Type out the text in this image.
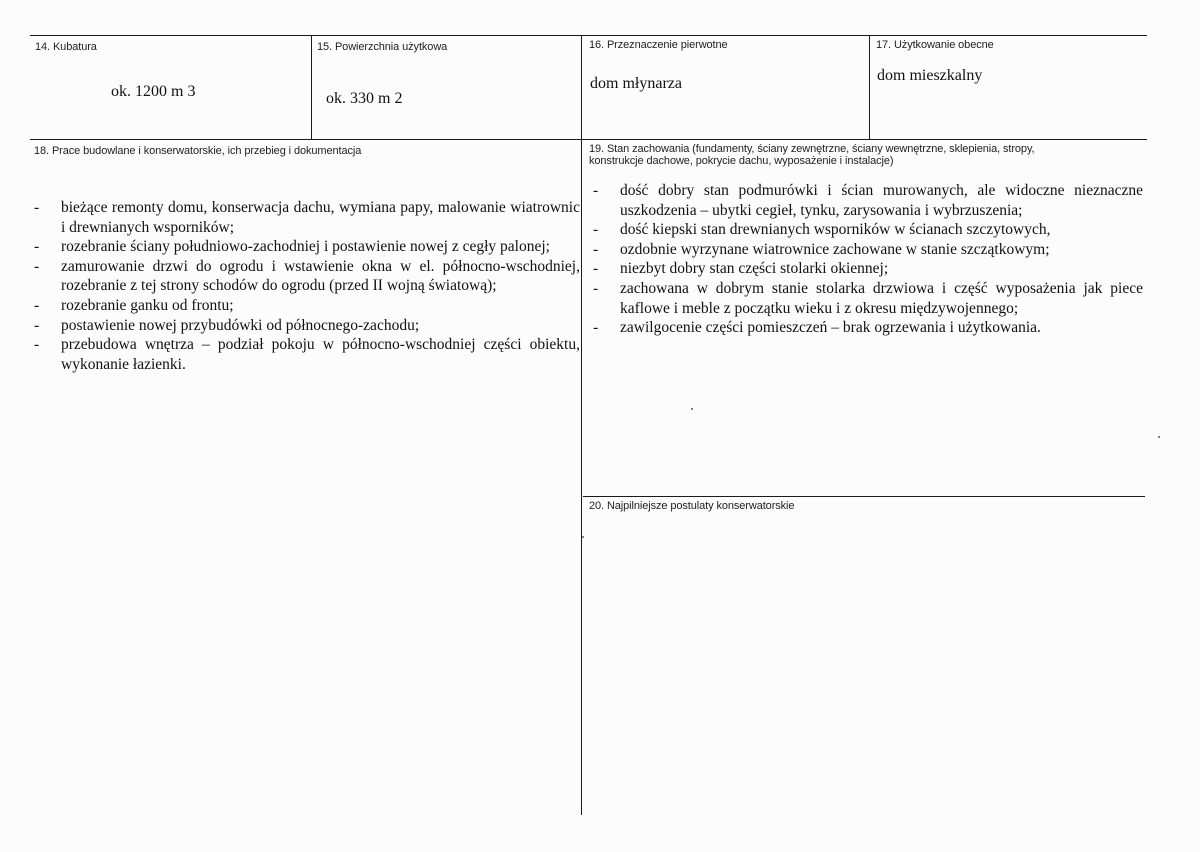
14. Kubatura
ok. 1200 m 3
15. Powierzchnia użytkowa
ok. 330 m 2
16. Przeznaczenie pierwotne
dom młynarza
17. Użytkowanie obecne
dom mieszkalny
18. Prace budowlane i konserwatorskie, ich przebieg i dokumentacja
- bieżące remonty domu, konserwacja dachu, wymiana papy, malowanie wiatrownic i drewnianych wsporników;
- rozebranie ściany południowo-zachodniej i postawienie nowej z cegły palonej;
- zamurowanie drzwi do ogrodu i wstawienie okna w el. północno-wschodniej, rozebranie z tej strony schodów do ogrodu (przed II wojną światową);
- rozebranie ganku od frontu;
- postawienie nowej przybudówki od północnego-zachodu;
- przebudowa wnętrza – podział pokoju w północno-wschodniej części obiektu, wykonanie łazienki.
19. Stan zachowania (fundamenty, ściany zewnętrzne, ściany wewnętrzne, sklepienia, stropy,
konstrukcje dachowe, pokrycie dachu, wyposażenie i instalacje)
- dość dobry stan podmurówki i ścian murowanych, ale widoczne nieznaczne uszkodzenia – ubytki cegieł, tynku, zarysowania i wybrzuszenia;
- dość kiepski stan drewnianych wsporników w ścianach szczytowych,
- ozdobnie wyrzynane wiatrownice zachowane w stanie szczątkowym;
- niezbyt dobry stan części stolarki okiennej;
- zachowana w dobrym stanie stolarka drzwiowa i część wyposażenia jak piece kaflowe i meble z początku wieku i z okresu międzywojennego;
- zawilgocenie części pomieszczeń – brak ogrzewania i użytkowania.
20. Najpilniejsze postulaty konserwatorskie
